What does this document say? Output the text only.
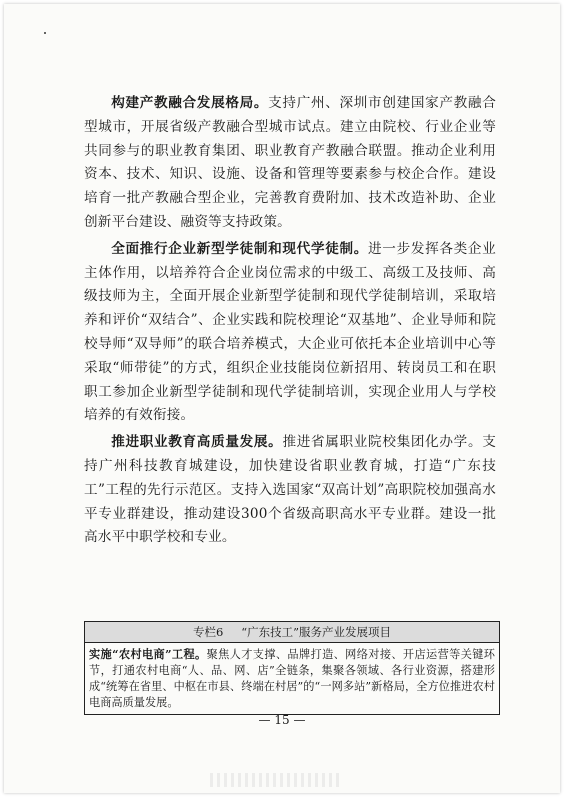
构建产教融合发展格局。支持广州、深圳市创建国家产教融合型城市，开展省级产教融合型城市试点。建立由院校、行业企业等共同参与的职业教育集团、职业教育产教融合联盟。推动企业利用资本、技术、知识、设施、设备和管理等要素参与校企合作。建设培育一批产教融合型企业，完善教育费附加、技术改造补助、企业创新平台建设、融资等支持政策。

全面推行企业新型学徒制和现代学徒制。进一步发挥各类企业主体作用，以培养符合企业岗位需求的中级工、高级工及技师、高级技师为主，全面开展企业新型学徒制和现代学徒制培训，采取培养和评价“双结合”、企业实践和院校理论“双基地”、企业导师和院校导师“双导师”的联合培养模式，大企业可依托本企业培训中心等采取“师带徒”的方式，组织企业技能岗位新招用、转岗员工和在职职工参加企业新型学徒制和现代学徒制培训，实现企业用人与学校培养的有效衔接。

推进职业教育高质量发展。推进省属职业院校集团化办学。支持广州科技教育城建设，加快建设省职业教育城，打造“广东技工”工程的先行示范区。支持入选国家“双高计划”高职院校加强高水平专业群建设，推动建设300个省级高职高水平专业群。建设一批高水平中职学校和专业。

专栏6 “广东技工”服务产业发展项目

实施“农村电商”工程。聚焦人才支撑、品牌打造、网络对接、开店运营等关键环节，打通农村电商“人、品、网、店”全链条，集聚各领域、各行业资源，搭建形成“统筹在省里、中枢在市县、终端在村居”的“一网多站”新格局，全方位推进农村电商高质量发展。

— 15 —
